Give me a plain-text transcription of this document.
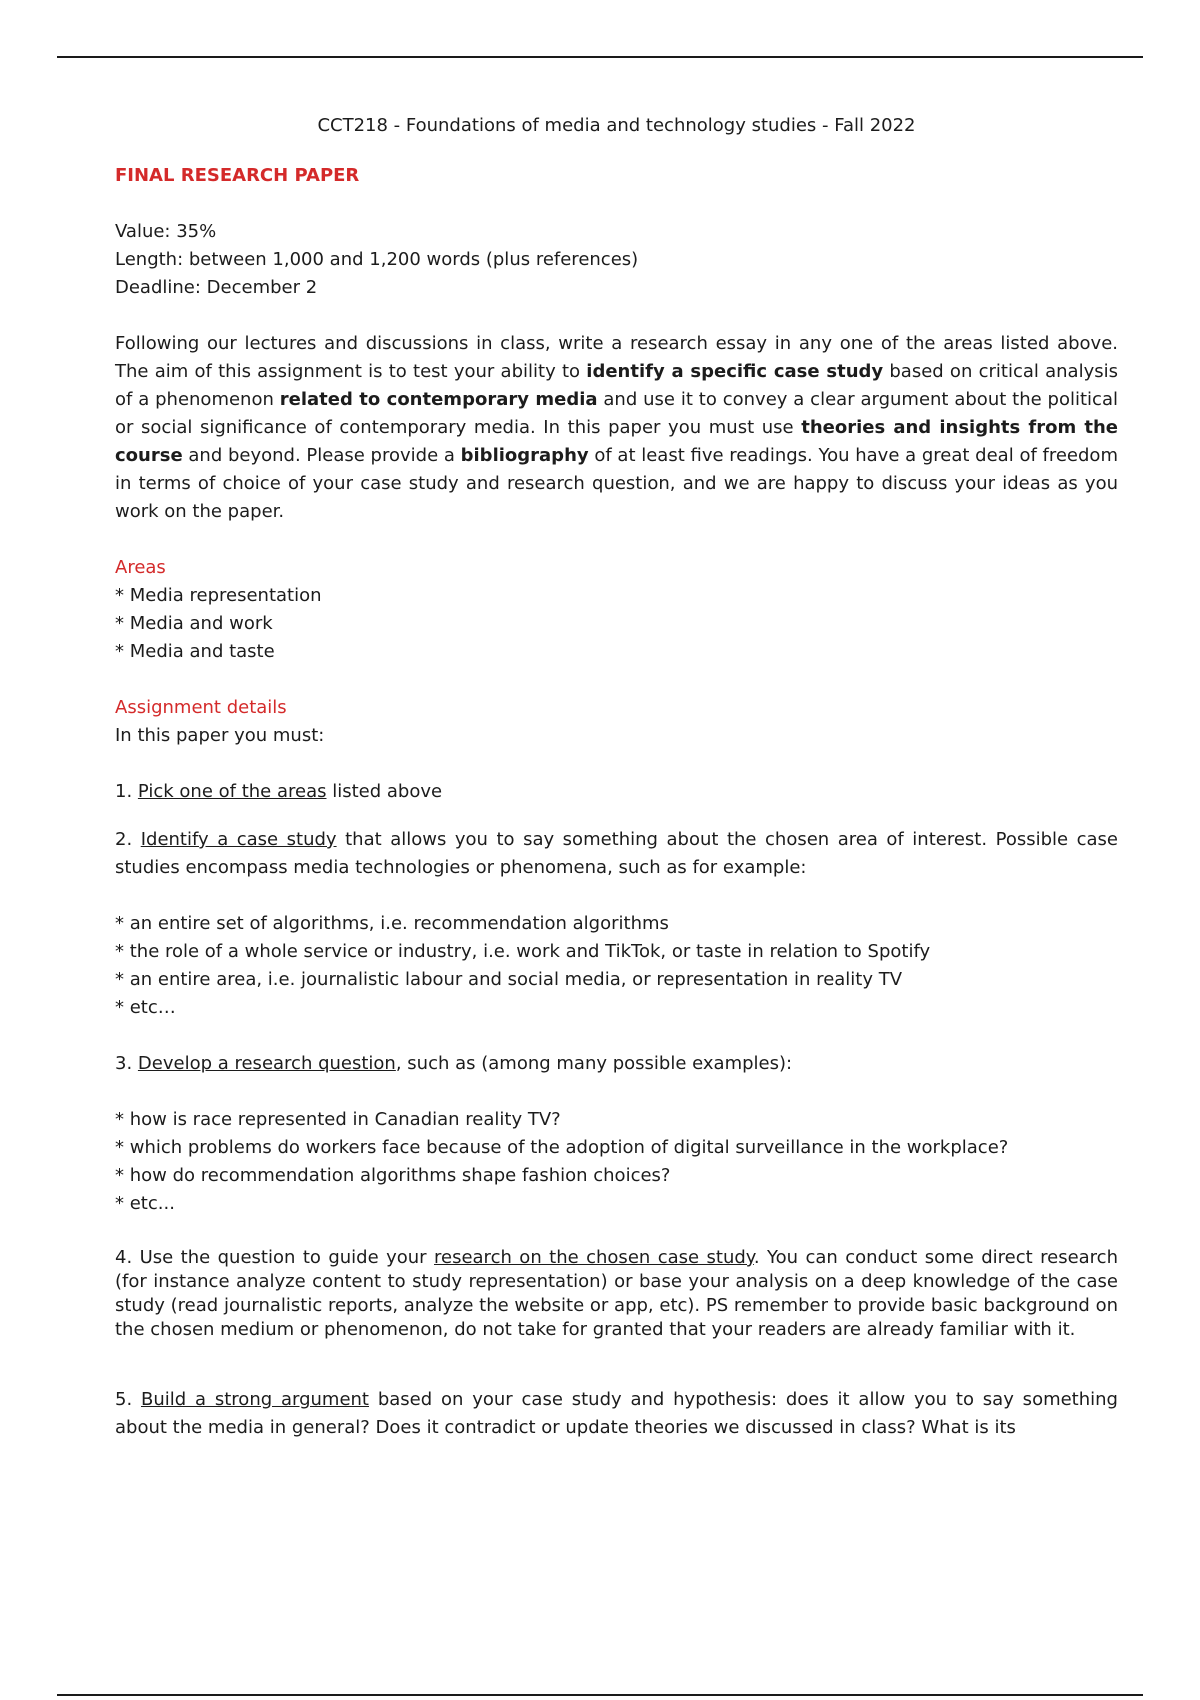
CCT218 - Foundations of media and technology studies - Fall 2022

FINAL RESEARCH PAPER

Value: 35%

Length: between 1,000 and 1,200 words (plus references)

Deadline: December 2

Following our lectures and discussions in class, write a research essay in any one of the areas listed above. The aim of this assignment is to test your ability to identify a specific case study based on critical analysis of a phenomenon related to contemporary media and use it to convey a clear argument about the political or social significance of contemporary media. In this paper you must use theories and insights from the course and beyond. Please provide a bibliography of at least five readings. You have a great deal of freedom in terms of choice of your case study and research question, and we are happy to discuss your ideas as you work on the paper.

Areas

* Media representation

* Media and work

* Media and taste

Assignment details

In this paper you must:

1. Pick one of the areas listed above

2. Identify a case study that allows you to say something about the chosen area of interest. Possible case studies encompass media technologies or phenomena, such as for example:

* an entire set of algorithms, i.e. recommendation algorithms

* the role of a whole service or industry, i.e. work and TikTok, or taste in relation to Spotify

* an entire area, i.e. journalistic labour and social media, or representation in reality TV

* etc…

3. Develop a research question, such as (among many possible examples):

* how is race represented in Canadian reality TV?

* which problems do workers face because of the adoption of digital surveillance in the workplace?

* how do recommendation algorithms shape fashion choices?

* etc...

4. Use the question to guide your research on the chosen case study. You can conduct some direct research (for instance analyze content to study representation) or base your analysis on a deep knowledge of the case study (read journalistic reports, analyze the website or app, etc). PS remember to provide basic background on the chosen medium or phenomenon, do not take for granted that your readers are already familiar with it.

5. Build a strong argument based on your case study and hypothesis: does it allow you to say something about the media in general? Does it contradict or update theories we discussed in class? What is its
